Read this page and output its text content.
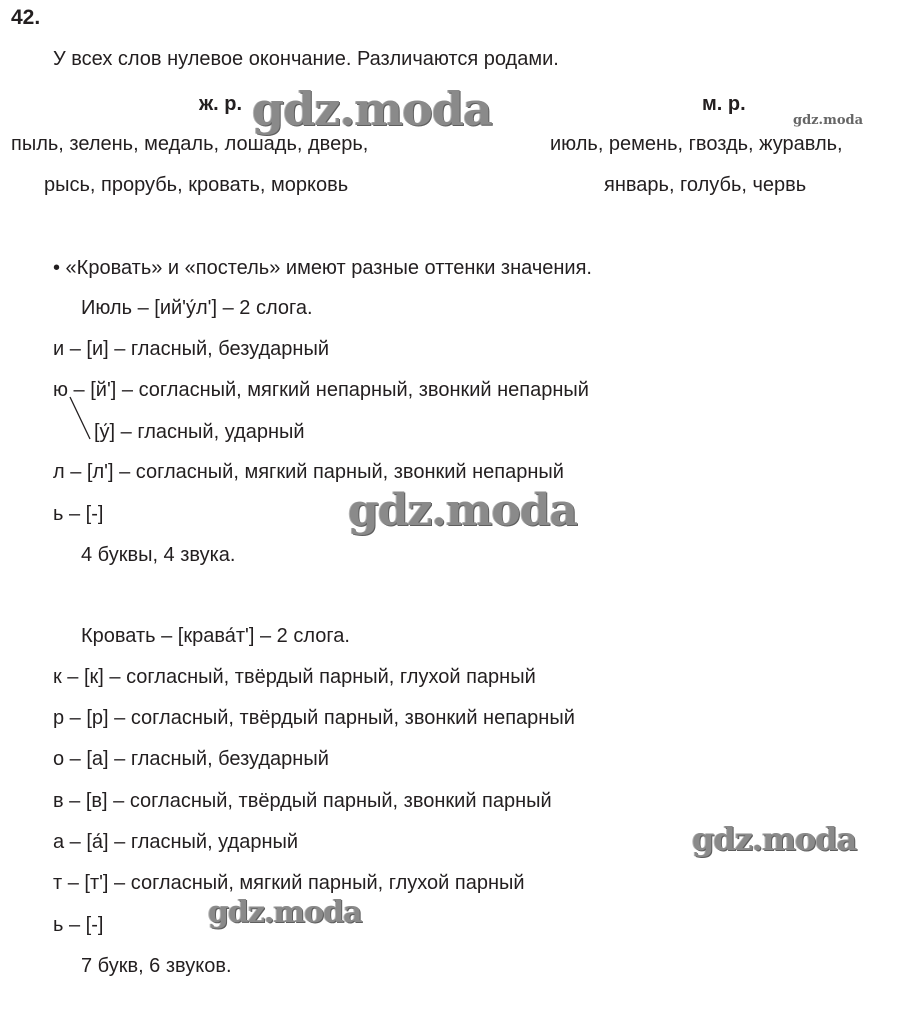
42.
У всех слов нулевое окончание. Различаются родами.
ж. р.	м. р.
пыль, зелень, медаль, лошадь, дверь,	июль, ремень, гвоздь, журавль,
рысь, прорубь, кровать, морковь	январь, голубь, червь
• «Кровать» и «постель» имеют разные оттенки значения.
Июль – [ий'у́л'] – 2 слога.
и – [и] – гласный, безударный
ю – [й'] – согласный, мягкий непарный, звонкий непарный
[у́] – гласный, ударный
л – [л'] – согласный, мягкий парный, звонкий непарный
ь – [-]
4 буквы, 4 звука.
Кровать – [крава́т'] – 2 слога.
к – [к] – согласный, твёрдый парный, глухой парный
р – [р] – согласный, твёрдый парный, звонкий непарный
о – [а] – гласный, безударный
в – [в] – согласный, твёрдый парный, звонкий парный
а – [а́] – гласный, ударный
т – [т'] – согласный, мягкий парный, глухой парный
ь – [-]
7 букв, 6 звуков.
gdz.moda	gdz.moda
gdz.moda
gdz.moda
gdz.moda
